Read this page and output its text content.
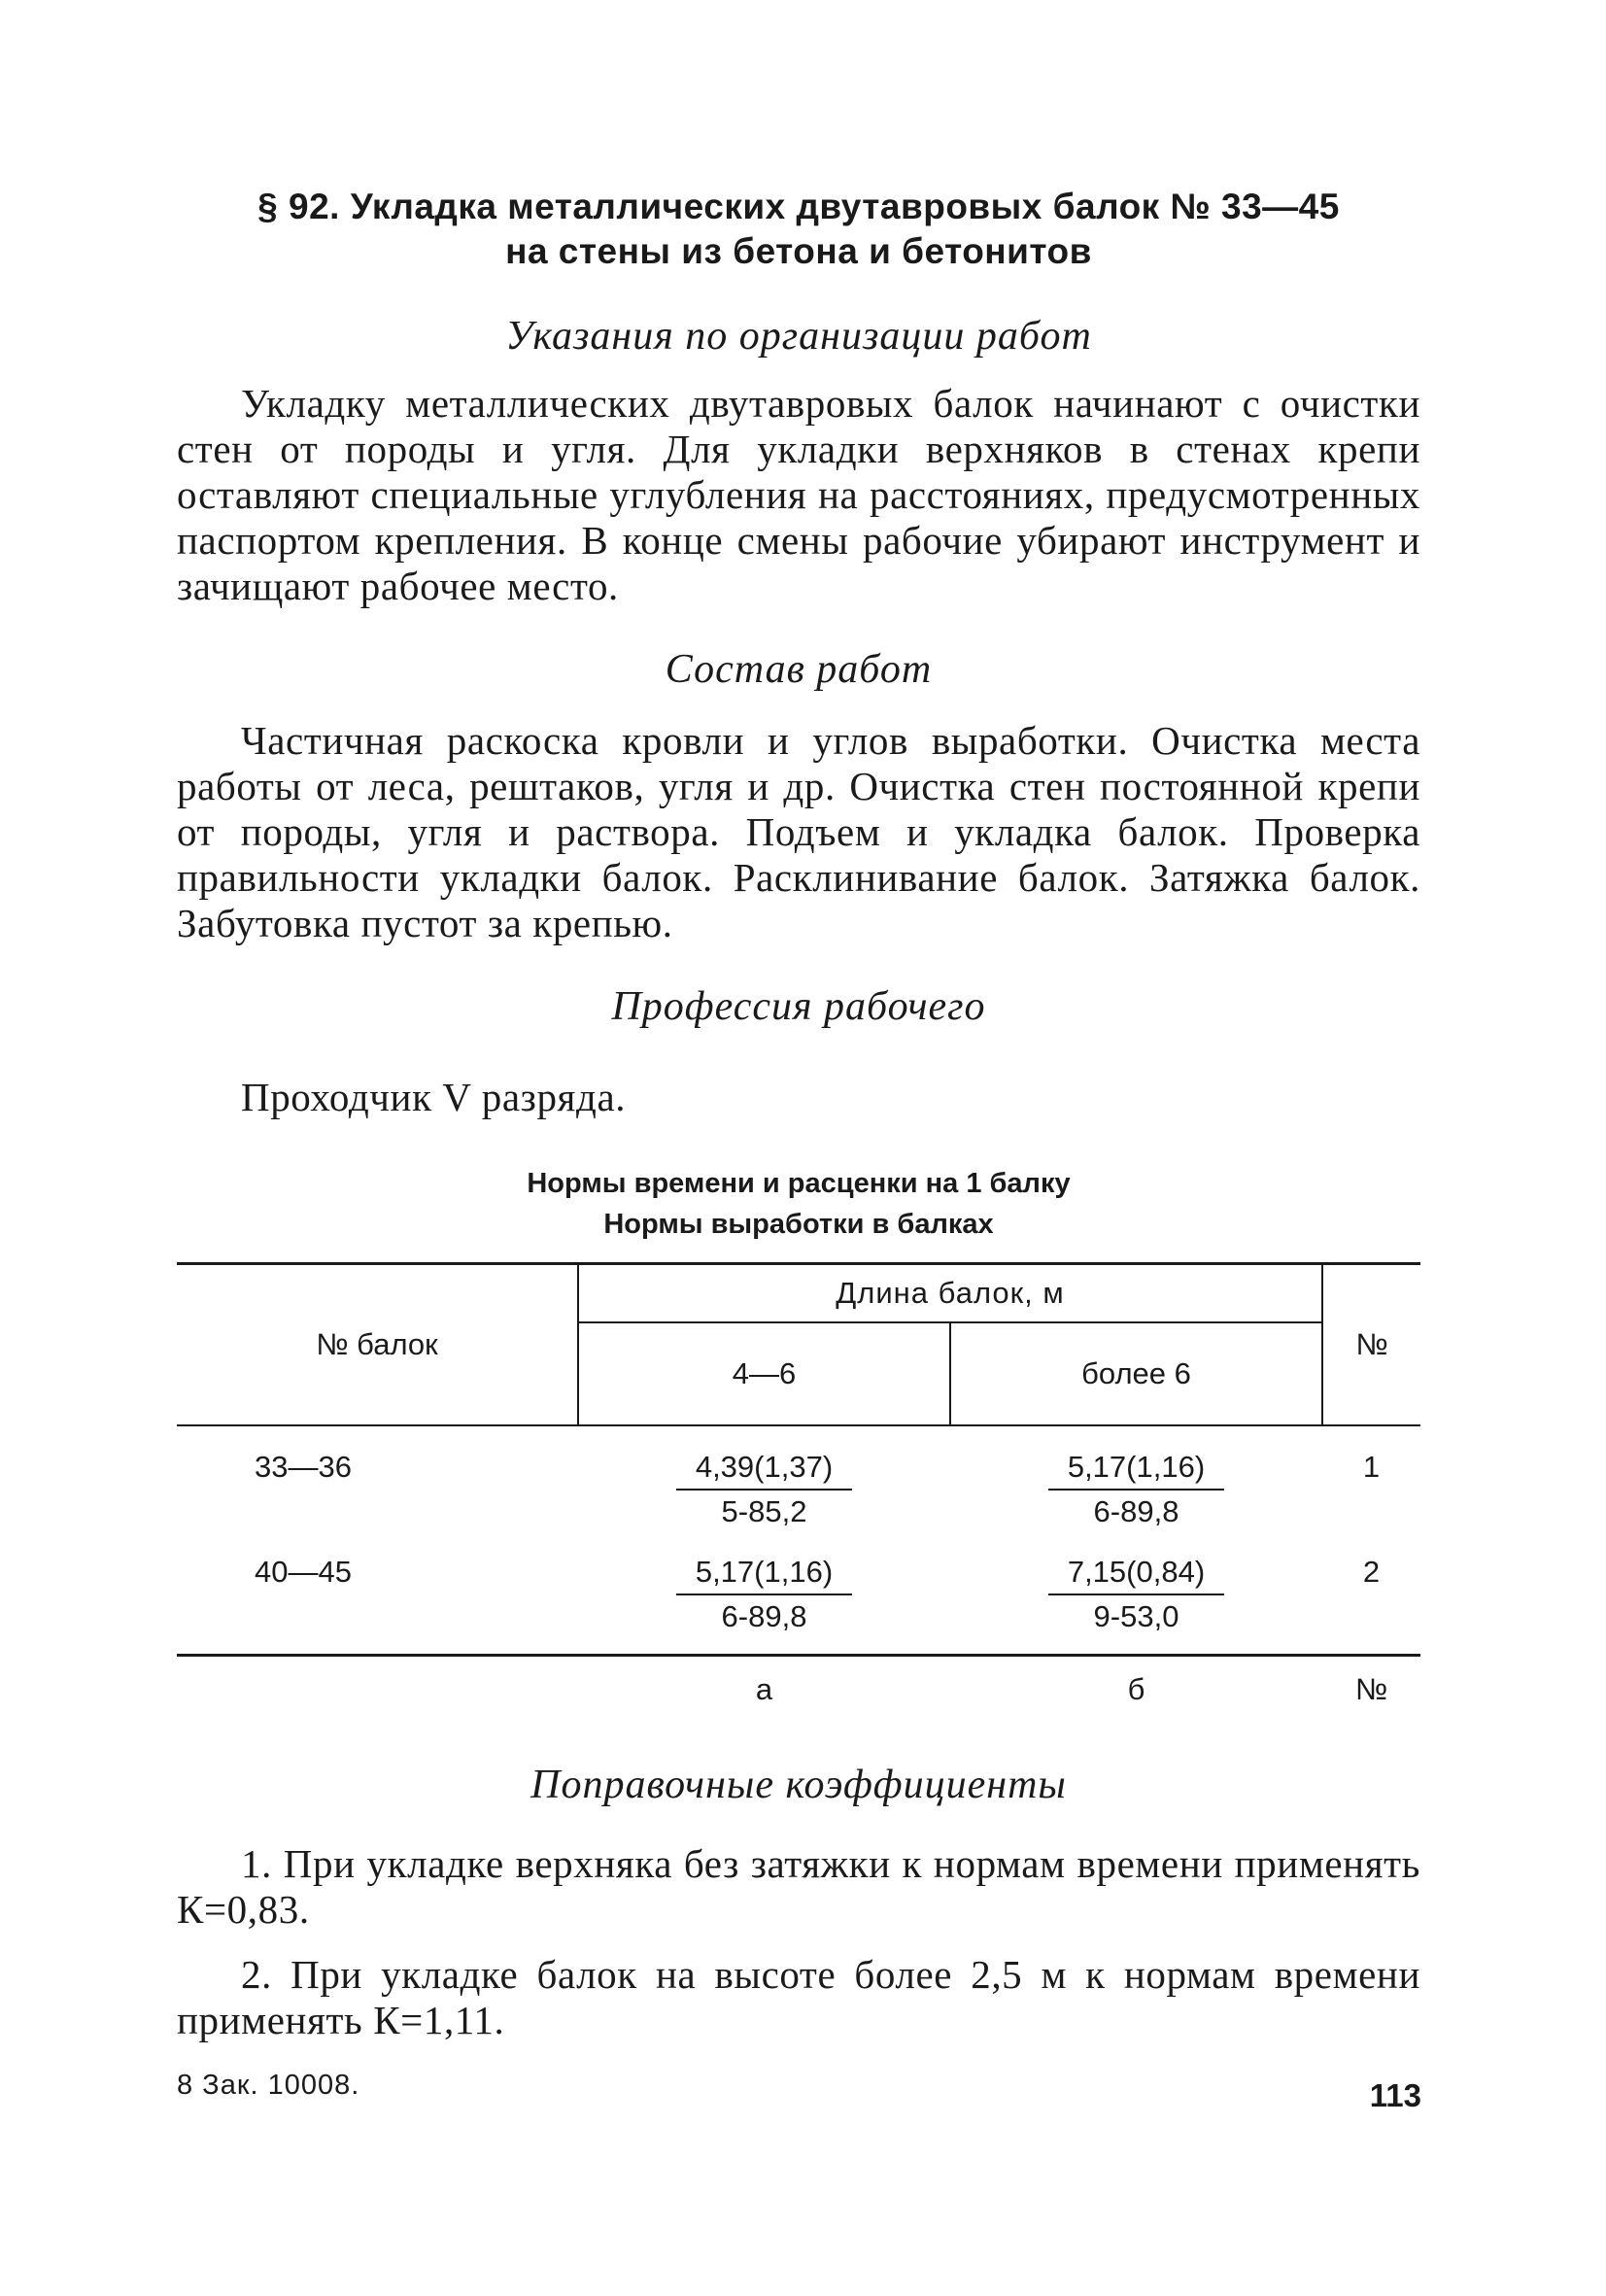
§ 92. Укладка металлических двутавровых балок № 33—45

на стены из бетона и бетонитов

Указания по организации работ

Укладку металлических двутавровых балок начинают с очистки стен от породы и угля. Для укладки верхняков в стенах крепи оставляют специальные углубления на расстояниях, предусмотренных паспортом крепления. В конце смены рабочие убирают инструмент и зачищают рабочее место.

Состав работ

Частичная раскоска кровли и углов выработки. Очистка места работы от леса, рештаков, угля и др. Очистка стен постоянной крепи от породы, угля и раствора. Подъем и укладка балок. Проверка правильности укладки балок. Расклинивание балок. Затяжка балок. Забутовка пустот за крепью.

Профессия рабочего

Проходчик V разряда.

Нормы времени и расценки на 1 балку

Нормы выработки в балках

№ балок	Длина балок, м		№
	4—6	более 6	
33—36	$\frac{4,39(1,37)}{5-85,2}$	$\frac{5,17(1,16)}{6-89,8}$	1
40—45	$\frac{5,17(1,16)}{6-89,8}$	$\frac{7,15(0,84)}{9-53,0}$	2
	а	б	№

Поправочные коэффициенты

1. При укладке верхняка без затяжки к нормам времени применять К=0,83.

2. При укладке балок на высоте более 2,5 м к нормам времени применять К=1,11.

8 Зак. 10008.	113
